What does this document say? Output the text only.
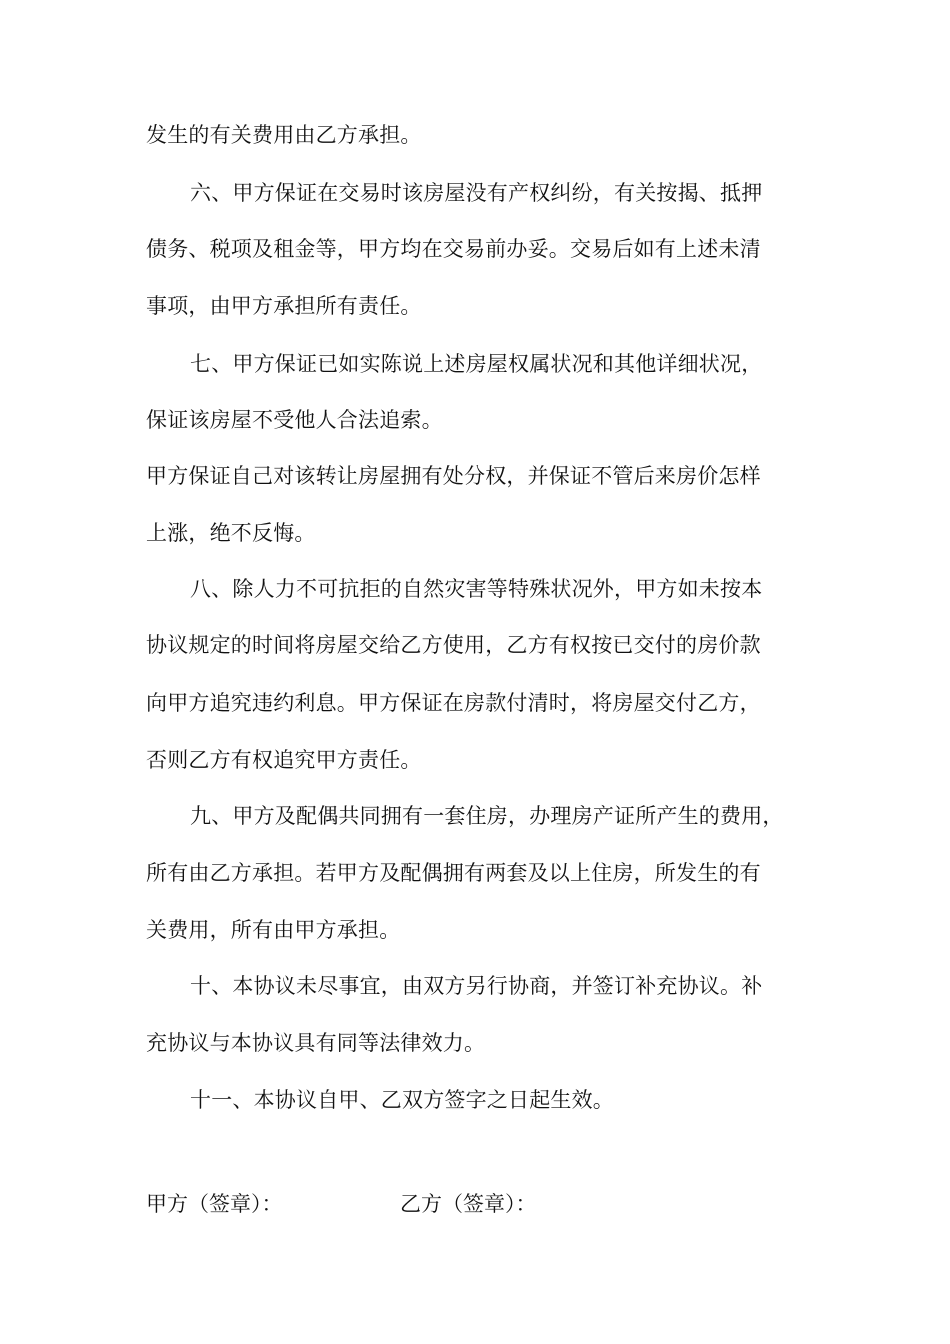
发生的有关费用由乙方承担。
六、甲方保证在交易时该房屋没有产权纠纷，有关按揭、抵押
债务、税项及租金等，甲方均在交易前办妥。交易后如有上述未清
事项，由甲方承担所有责任。
七、甲方保证已如实陈说上述房屋权属状况和其他详细状况，
保证该房屋不受他人合法追索。
甲方保证自己对该转让房屋拥有处分权，并保证不管后来房价怎样
上涨，绝不反悔。
八、除人力不可抗拒的自然灾害等特殊状况外，甲方如未按本
协议规定的时间将房屋交给乙方使用，乙方有权按已交付的房价款
向甲方追究违约利息。甲方保证在房款付清时，将房屋交付乙方，
否则乙方有权追究甲方责任。
九、甲方及配偶共同拥有一套住房，办理房产证所产生的费用，
所有由乙方承担。若甲方及配偶拥有两套及以上住房，所发生的有
关费用，所有由甲方承担。
十、本协议未尽事宜，由双方另行协商，并签订补充协议。补
充协议与本协议具有同等法律效力。
十一、本协议自甲、乙双方签字之日起生效。
甲方（签章）：	乙方（签章）：
